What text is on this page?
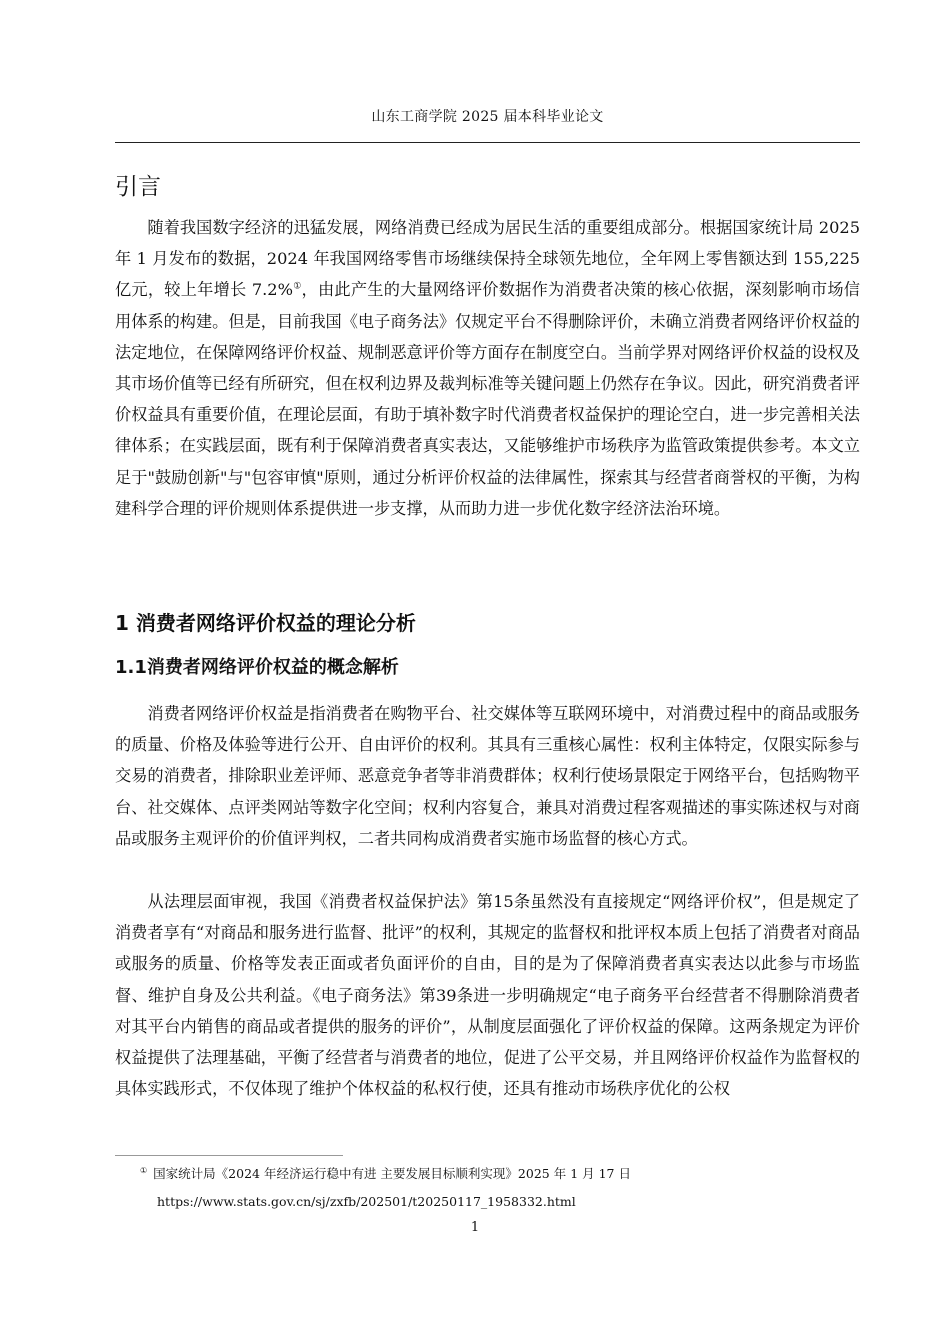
山东工商学院 2025 届本科毕业论文
引言

随着我国数字经济的迅猛发展，网络消费已经成为居民生活的重要组成部分。根据国家统计局 2025 年 1 月发布的数据，2024 年我国网络零售市场继续保持全球领先地位，全年网上零售额达到 155,225 亿元，较上年增长 7.2%①，由此产生的大量网络评价数据作为消费者决策的核心依据，深刻影响市场信用体系的构建。但是，目前我国《电子商务法》仅规定平台不得删除评价，未确立消费者网络评价权益的法定地位，在保障网络评价权益、规制恶意评价等方面存在制度空白。当前学界对网络评价权益的设权及其市场价值等已经有所研究，但在权利边界及裁判标准等关键问题上仍然存在争议。因此，研究消费者评价权益具有重要价值，在理论层面，有助于填补数字时代消费者权益保护的理论空白，进一步完善相关法律体系；在实践层面，既有利于保障消费者真实表达，又能够维护市场秩序为监管政策提供参考。本文立足于"鼓励创新"与"包容审慎"原则，通过分析评价权益的法律属性，探索其与经营者商誉权的平衡，为构建科学合理的评价规则体系提供进一步支撑，从而助力进一步优化数字经济法治环境。

1 消费者网络评价权益的理论分析
1.1消费者网络评价权益的概念解析

消费者网络评价权益是指消费者在购物平台、社交媒体等互联网环境中，对消费过程中的商品或服务的质量、价格及体验等进行公开、自由评价的权利。其具有三重核心属性：权利主体特定，仅限实际参与交易的消费者，排除职业差评师、恶意竞争者等非消费群体；权利行使场景限定于网络平台，包括购物平台、社交媒体、点评类网站等数字化空间；权利内容复合，兼具对消费过程客观描述的事实陈述权与对商品或服务主观评价的价值评判权，二者共同构成消费者实施市场监督的核心方式。

从法理层面审视，我国《消费者权益保护法》第15条虽然没有直接规定“网络评价权”，但是规定了消费者享有“对商品和服务进行监督、批评”的权利，其规定的监督权和批评权本质上包括了消费者对商品或服务的质量、价格等发表正面或者负面评价的自由，目的是为了保障消费者真实表达以此参与市场监督、维护自身及公共利益。《电子商务法》第39条进一步明确规定“电子商务平台经营者不得删除消费者对其平台内销售的商品或者提供的服务的评价”，从制度层面强化了评价权益的保障。这两条规定为评价权益提供了法理基础，平衡了经营者与消费者的地位，促进了公平交易，并且网络评价权益作为监督权的具体实践形式，不仅体现了维护个体权益的私权行使，还具有推动市场秩序优化的公权

① 国家统计局《2024 年经济运行稳中有进 主要发展目标顺利实现》2025 年 1 月 17 日
https://www.stats.gov.cn/sj/zxfb/202501/t20250117_1958332.html
1
